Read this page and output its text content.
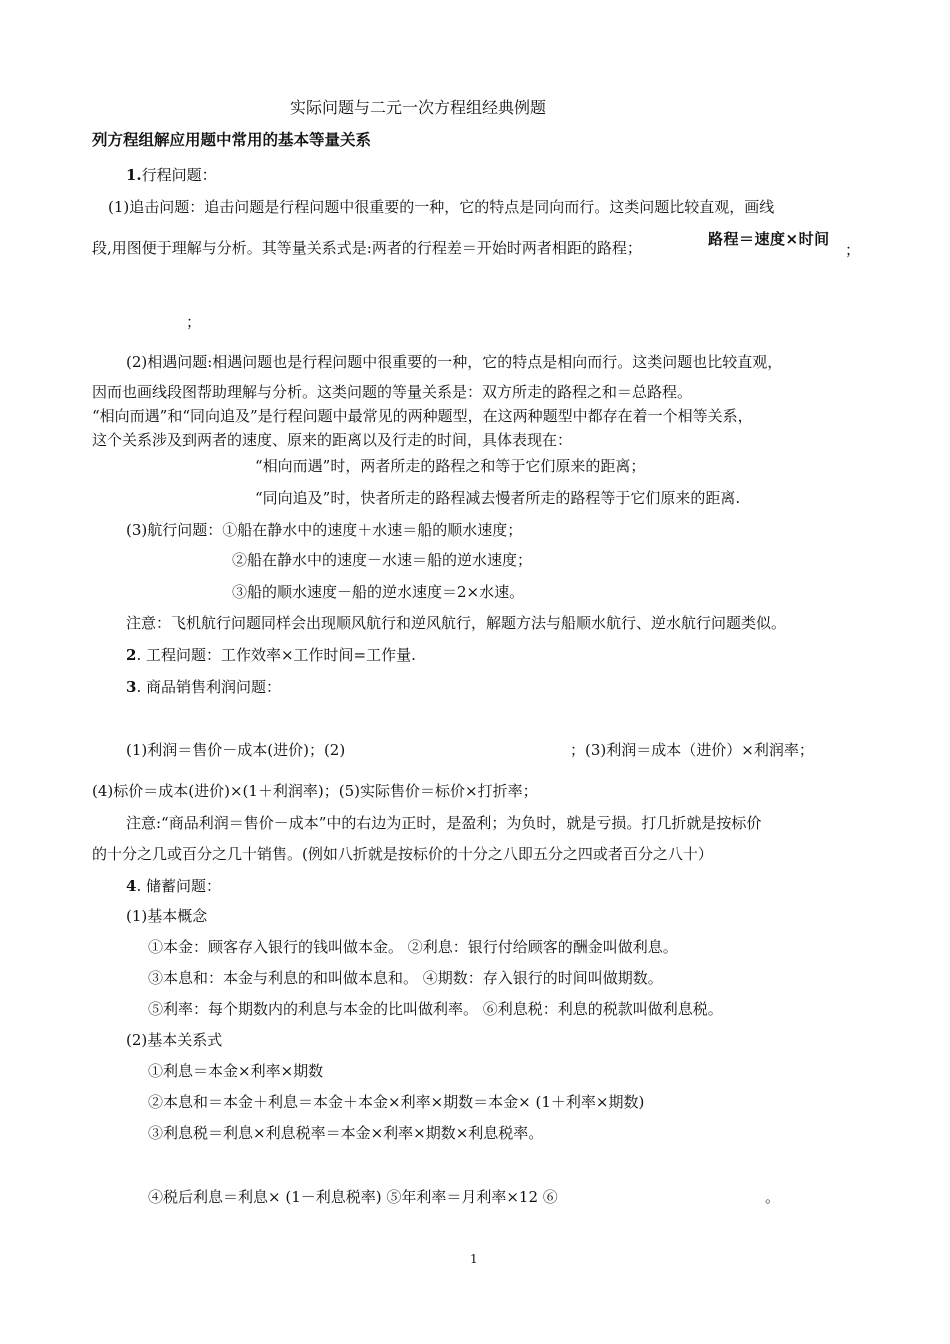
实际问题与二元一次方程组经典例题
列方程组解应用题中常用的基本等量关系
1.行程问题：
(1)追击问题：追击问题是行程问题中很重要的一种，它的特点是同向而行。这类问题比较直观，画线
段,用图便于理解与分析。其等量关系式是:两者的行程差＝开始时两者相距的路程；	路程＝速度×时间
；
；
(2)相遇问题:相遇问题也是行程问题中很重要的一种，它的特点是相向而行。这类问题也比较直观，
因而也画线段图帮助理解与分析。这类问题的等量关系是：双方所走的路程之和＝总路程。
“相向而遇”和“同向追及”是行程问题中最常见的两种题型，在这两种题型中都存在着一个相等关系，
这个关系涉及到两者的速度、原来的距离以及行走的时间，具体表现在：
“相向而遇”时，两者所走的路程之和等于它们原来的距离；
“同向追及”时，快者所走的路程减去慢者所走的路程等于它们原来的距离.
(3)航行问题：①船在静水中的速度＋水速＝船的顺水速度；
②船在静水中的速度－水速＝船的逆水速度；
③船的顺水速度－船的逆水速度＝2×水速。
注意：飞机航行问题同样会出现顺风航行和逆风航行，解题方法与船顺水航行、逆水航行问题类似。
2. 工程问题：工作效率×工作时间=工作量.
3. 商品销售利润问题：
(1)利润＝售价－成本(进价)；(2)	；(3)利润＝成本（进价）×利润率；
(4)标价＝成本(进价)×(1＋利润率)；(5)实际售价＝标价×打折率；
注意:“商品利润＝售价－成本”中的右边为正时，是盈利；为负时，就是亏损。打几折就是按标价
的十分之几或百分之几十销售。(例如八折就是按标价的十分之八即五分之四或者百分之八十）
4. 储蓄问题：
(1)基本概念
①本金：顾客存入银行的钱叫做本金。 ②利息：银行付给顾客的酬金叫做利息。
③本息和：本金与利息的和叫做本息和。 ④期数：存入银行的时间叫做期数。
⑤利率：每个期数内的利息与本金的比叫做利率。 ⑥利息税：利息的税款叫做利息税。
(2)基本关系式
①利息＝本金×利率×期数
②本息和＝本金＋利息＝本金＋本金×利率×期数＝本金× (1＋利率×期数)
③利息税＝利息×利息税率＝本金×利率×期数×利息税率。
④税后利息＝利息× (1－利息税率) ⑤年利率＝月利率×12 ⑥	。
1
